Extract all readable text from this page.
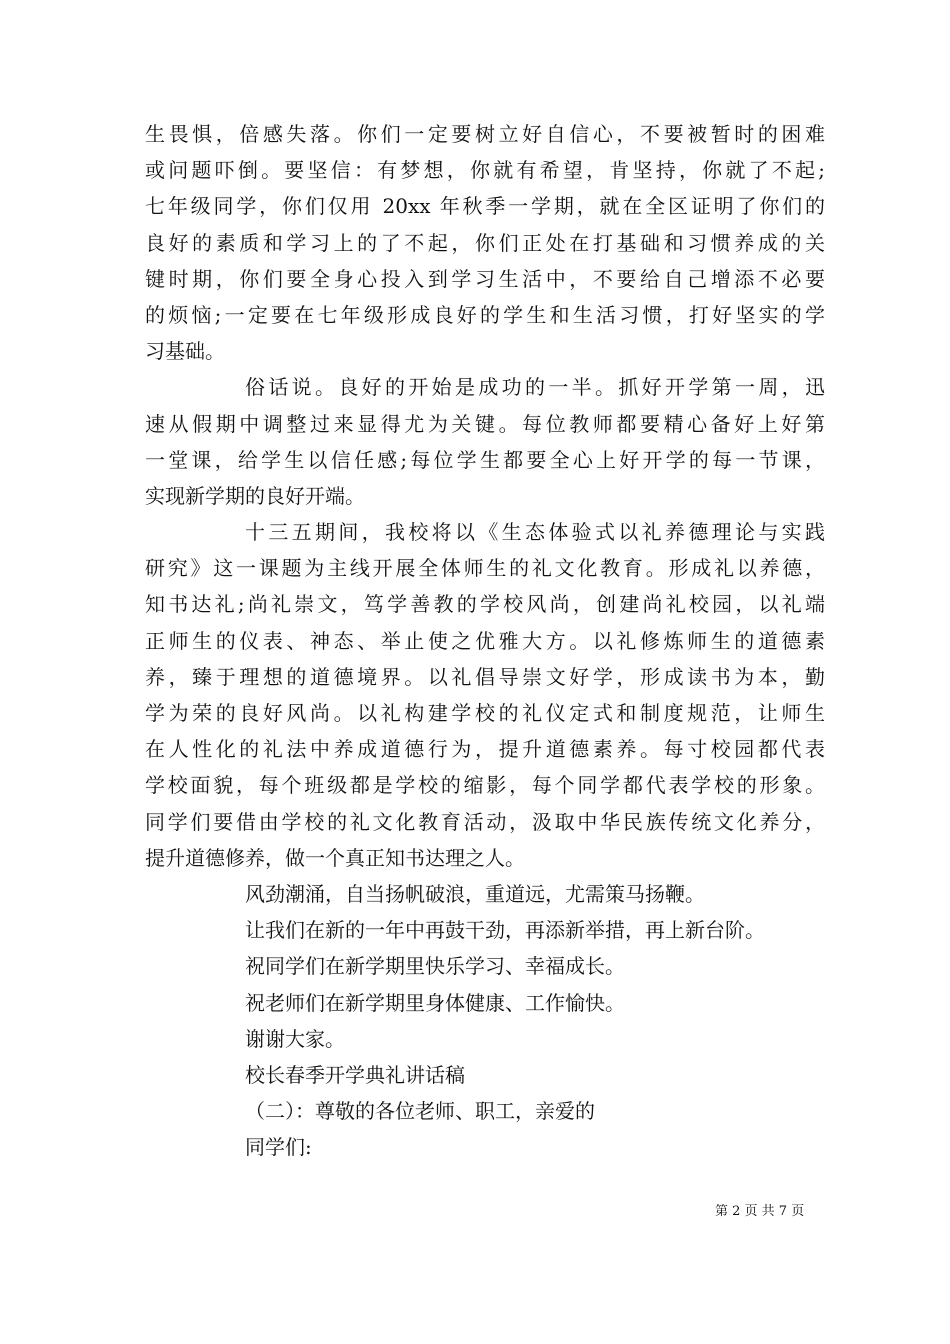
生畏惧，倍感失落。你们一定要树立好自信心，不要被暂时的困难
或问题吓倒。要坚信：有梦想，你就有希望，肯坚持，你就了不起;
七年级同学，你们仅用 20xx 年秋季一学期，就在全区证明了你们的
良好的素质和学习上的了不起，你们正处在打基础和习惯养成的关
键时期，你们要全身心投入到学习生活中，不要给自己增添不必要
的烦恼;一定要在七年级形成良好的学生和生活习惯，打好坚实的学
习基础。
俗话说。良好的开始是成功的一半。抓好开学第一周，迅
速从假期中调整过来显得尤为关键。每位教师都要精心备好上好第
一堂课，给学生以信任感;每位学生都要全心上好开学的每一节课，
实现新学期的良好开端。
十三五期间，我校将以《生态体验式以礼养德理论与实践
研究》这一课题为主线开展全体师生的礼文化教育。形成礼以养德，
知书达礼;尚礼崇文，笃学善教的学校风尚，创建尚礼校园，以礼端
正师生的仪表、神态、举止使之优雅大方。以礼修炼师生的道德素
养，臻于理想的道德境界。以礼倡导崇文好学，形成读书为本，勤
学为荣的良好风尚。以礼构建学校的礼仪定式和制度规范，让师生
在人性化的礼法中养成道德行为，提升道德素养。每寸校园都代表
学校面貌，每个班级都是学校的缩影，每个同学都代表学校的形象。
同学们要借由学校的礼文化教育活动，汲取中华民族传统文化养分，
提升道德修养，做一个真正知书达理之人。
风劲潮涌，自当扬帆破浪，重道远，尤需策马扬鞭。
让我们在新的一年中再鼓干劲，再添新举措，再上新台阶。
祝同学们在新学期里快乐学习、幸福成长。
祝老师们在新学期里身体健康、工作愉快。
谢谢大家。
校长春季开学典礼讲话稿
（二）：尊敬的各位老师、职工，亲爱的
同学们:
第 2 页 共 7 页
